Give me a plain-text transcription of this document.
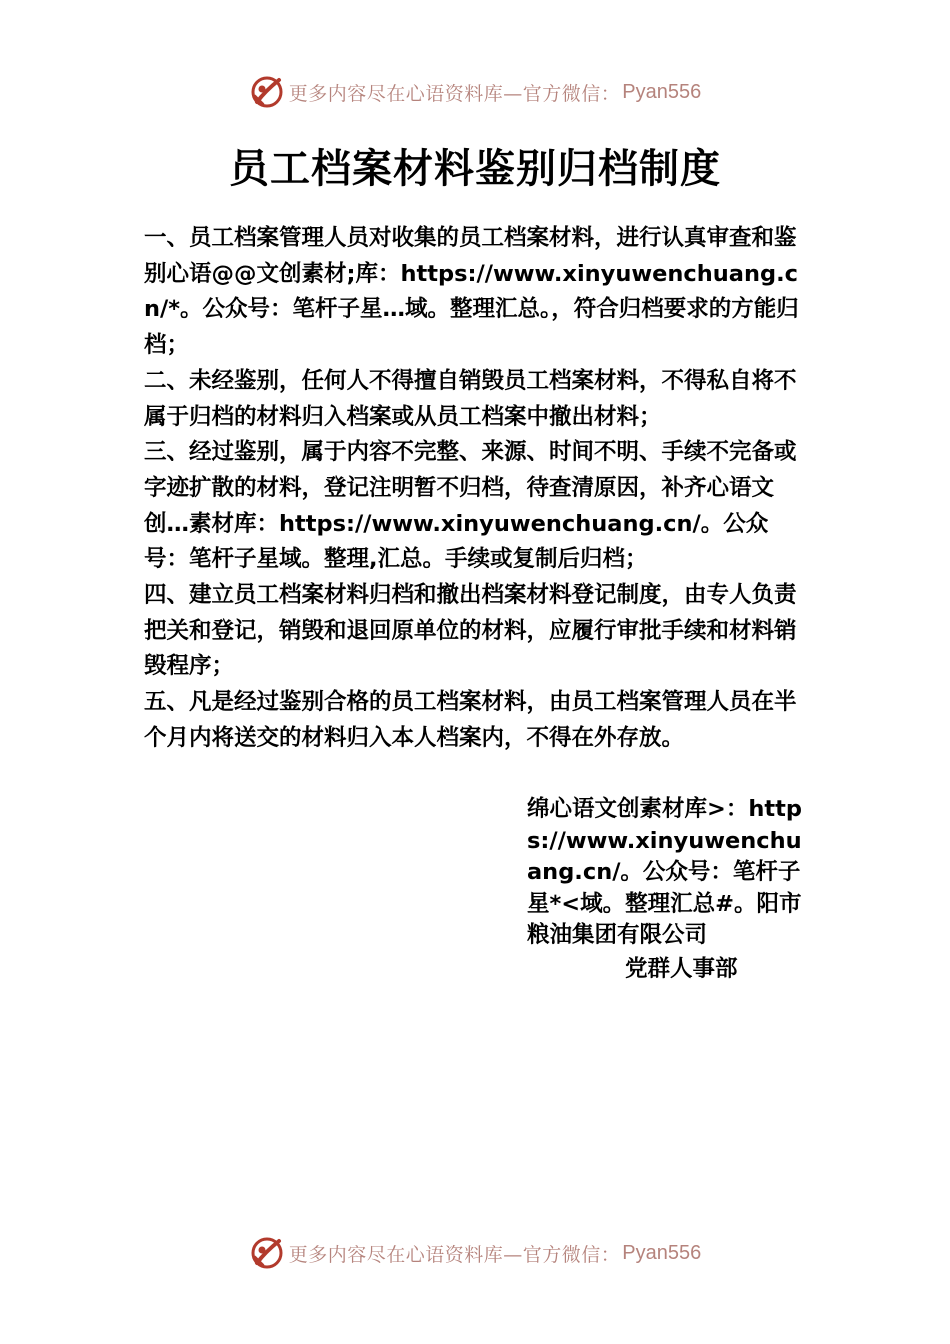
更多内容尽在心语资料库—官方微信： Pyan556
员工档案材料鉴别归档制度

一、员工档案管理人员对收集的员工档案材料，进行认真审查和鉴别心语@@文创素材;库：https://www.xinyuwenchuang.cn/*。公众号：笔杆子星…域。整理汇总。，符合归档要求的方能归档；

二、未经鉴别，任何人不得擅自销毁员工档案材料，不得私自将不属于归档的材料归入档案或从员工档案中撤出材料；

三、经过鉴别，属于内容不完整、来源、时间不明、手续不完备或字迹扩散的材料，登记注明暂不归档，待查清原因，补齐心语文创…素材库：https://www.xinyuwenchuang.cn/。公众号：笔杆子星域。整理,汇总。手续或复制后归档；

四、建立员工档案材料归档和撤出档案材料登记制度，由专人负责把关和登记，销毁和退回原单位的材料，应履行审批手续和材料销毁程序；

五、凡是经过鉴别合格的员工档案材料，由员工档案管理人员在半个月内将送交的材料归入本人档案内，不得在外存放。

绵心语文创素材库>：https://www.xinyuwenchuang.cn/。公众号：笔杆子星*<域。整理汇总#。阳市粮油集团有限公司
党群人事部
更多内容尽在心语资料库—官方微信： Pyan556
